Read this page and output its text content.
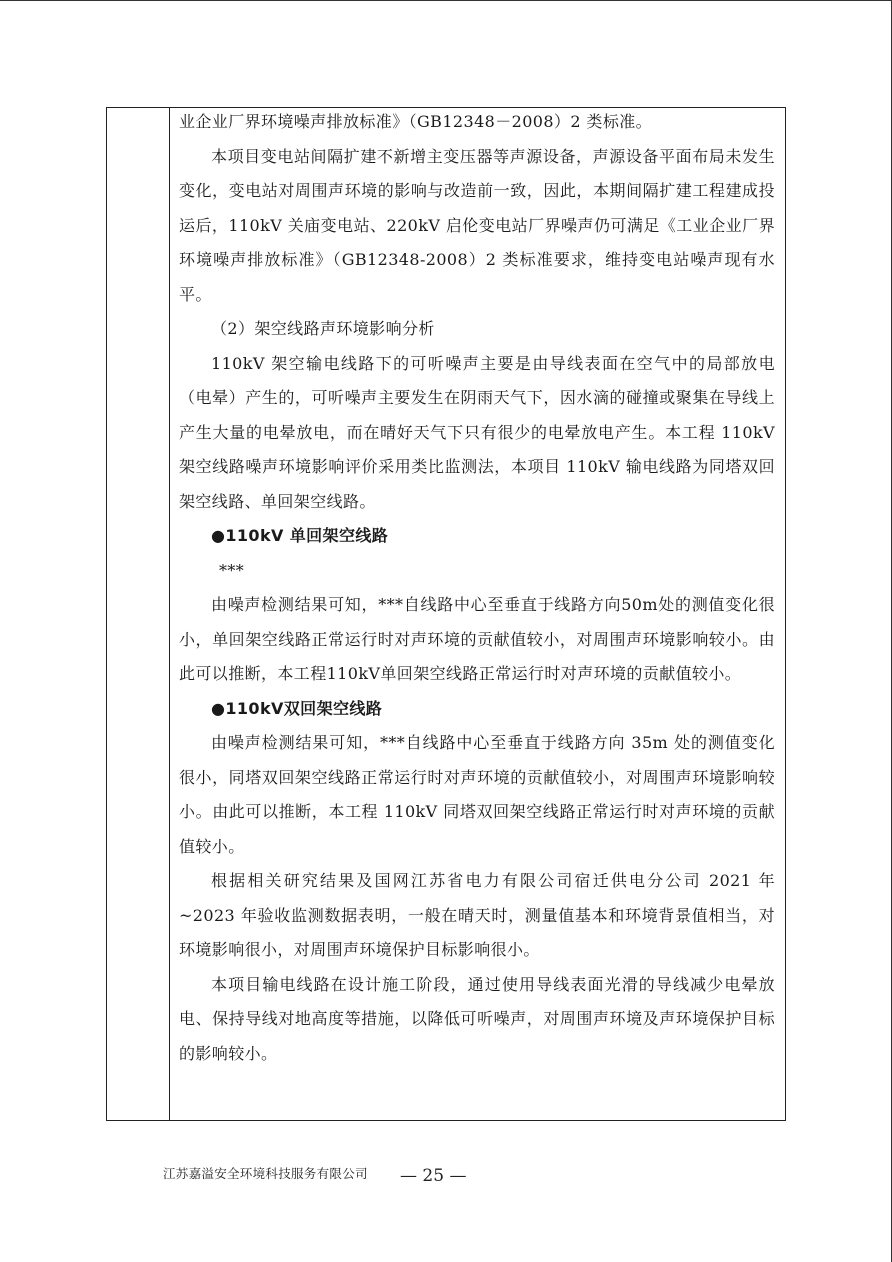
业企业厂界环境噪声排放标准》（GB12348－2008）2 类标准。

本项目变电站间隔扩建不新增主变压器等声源设备，声源设备平面布局未发生变化，变电站对周围声环境的影响与改造前一致，因此，本期间隔扩建工程建成投运后，110kV 关庙变电站、220kV 启伦变电站厂界噪声仍可满足《工业企业厂界环境噪声排放标准》（GB12348-2008）2 类标准要求，维持变电站噪声现有水平。

（2）架空线路声环境影响分析

110kV 架空输电线路下的可听噪声主要是由导线表面在空气中的局部放电（电晕）产生的，可听噪声主要发生在阴雨天气下，因水滴的碰撞或聚集在导线上产生大量的电晕放电，而在晴好天气下只有很少的电晕放电产生。本工程 110kV 架空线路噪声环境影响评价采用类比监测法，本项目 110kV 输电线路为同塔双回架空线路、单回架空线路。

●110kV 单回架空线路

***

由噪声检测结果可知，***自线路中心至垂直于线路方向50m处的测值变化很小，单回架空线路正常运行时对声环境的贡献值较小，对周围声环境影响较小。由此可以推断，本工程110kV单回架空线路正常运行时对声环境的贡献值较小。

●110kV双回架空线路

由噪声检测结果可知，***自线路中心至垂直于线路方向 35m 处的测值变化很小，同塔双回架空线路正常运行时对声环境的贡献值较小，对周围声环境影响较小。由此可以推断，本工程 110kV 同塔双回架空线路正常运行时对声环境的贡献值较小。

根据相关研究结果及国网江苏省电力有限公司宿迁供电分公司 2021 年~2023 年验收监测数据表明，一般在晴天时，测量值基本和环境背景值相当，对环境影响很小，对周围声环境保护目标影响很小。

本项目输电线路在设计施工阶段，通过使用导线表面光滑的导线减少电晕放电、保持导线对地高度等措施，以降低可听噪声，对周围声环境及声环境保护目标的影响较小。

江苏嘉溢安全环境科技服务有限公司 — 25 —
